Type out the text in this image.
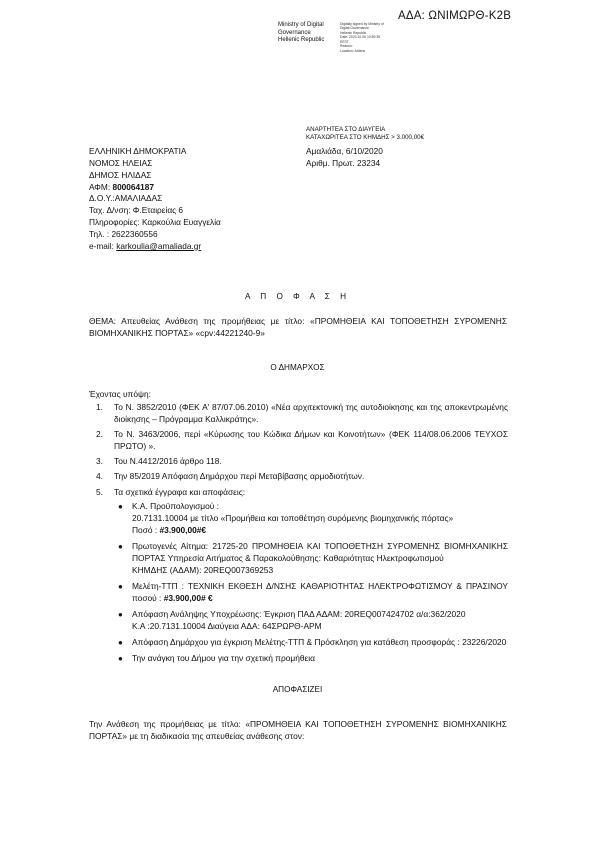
ΑΔΑ: ΩΝΙΜΩΡΘ-Κ2Β
Ministry of Digital
Governance
Hellenic Republic
Digitally signed by Ministry of
Digital Governance,
Hellenic Republic
Date: 2020.10.06 10:59:39
EEST
Reason:
Location: Athens
ΑΝΑΡΤΗΤΕΑ ΣΤΟ ΔΙΑΥΓΕΙΑ
ΚΑΤΑΧΩΡΙΤΕΑ ΣΤΟ ΚΗΜΔΗΣ > 3.000,00€
ΕΛΛΗΝΙΚΗ ΔΗΜΟΚΡΑΤΙΑ
ΝΟΜΟΣ ΗΛΕΙΑΣ
ΔΗΜΟΣ ΗΛΙΔΑΣ
ΑΦΜ: 800064187
Δ.Ο.Υ.:ΑΜΑΛΙΑΔΑΣ
Ταχ. Δ/νση: Φ.Εταιρείας 6
Πληροφορίες: Καρκούλια Ευαγγελία
Τηλ. : 2622360556
e-mail: karkoulia@amaliada.gr
Αμαλιάδα, 6/10/2020
Αριθμ. Πρωτ. 23234
Α Π Ο Φ Α Σ Η
ΘΕΜΑ: Απευθείας Ανάθεση της προμήθειας με τίτλο: «ΠΡΟΜΗΘΕΙΑ ΚΑΙ ΤΟΠΟΘΕΤΗΣΗ ΣΥΡΟΜΕΝΗΣ ΒΙΟΜΗΧΑΝΙΚΗΣ ΠΟΡΤΑΣ» «cpv:44221240-9»
Ο ΔΗΜΑΡΧΟΣ
Έχοντας υπόψη:
1. Το Ν. 3852/2010 (ΦΕΚ Α' 87/07.06.2010) «Νέα αρχιτεκτονική της αυτοδιοίκησης και της αποκεντρωμένης διοίκησης – Πρόγραμμα Καλλικράτης».
2. Το Ν. 3463/2006, περί «Κύρωσης του Κώδικα Δήμων και Κοινοτήτων» (ΦΕΚ 114/08.06.2006 ΤΕΥΧΟΣ ΠΡΩΤΟ) ».
3. Του Ν.4412/2016 άρθρο 118.
4. Την 85/2019 Απόφαση Δημάρχου περί Μεταβίβασης αρμοδιοτήτων.
5. Τα σχετικά έγγραφα και αποφάσεις:
● Κ.Α. Προϋπολογισμού :
20.7131.10004 με τίτλο «Προμήθεια και τοποθέτηση συρόμενης βιομηχανικής πόρτας»
Ποσό : #3.900,00#€
● Πρωτογενές Αίτημα: 21725-20 ΠΡΟΜΗΘΕΙΑ ΚΑΙ ΤΟΠΟΘΕΤΗΣΗ ΣΥΡΟΜΕΝΗΣ ΒΙΟΜΗΧΑΝΙΚΗΣ ΠΟΡΤΑΣ Υπηρεσία Αιτήματος & Παρακολούθησης: Καθαριότητας Ηλεκτροφωτισμού
ΚΗΜΔΗΣ (ΑΔΑΜ): 20REQ007369253
● Μελέτη-ΤΤΠ : ΤΕΧΝΙΚΗ ΕΚΘΕΣΗ Δ/ΝΣΗΣ ΚΑΘΑΡΙΟΤΗΤΑΣ ΗΛΕΚΤΡΟΦΩΤΙΣΜΟΥ & ΠΡΑΣΙΝΟΥ ποσού : #3.900,00# €
● Απόφαση Ανάληψης Υποχρέωσης: Έγκριση ΠΑΔ ΑΔΑΜ: 20REQ007424702 α/α:362/2020
Κ.Α :20.7131.10004 Διαύγεια ΑΔΑ: 64ΣΡΩΡΘ-ΑΡΜ
● Απόφαση Δημάρχου για έγκριση Μελέτης-ΤΤΠ & Πρόσκληση για κατάθεση προσφοράς : 23226/2020
● Την ανάγκη του Δήμου για την σχετική προμήθεια
ΑΠΟΦΑΣΙΖΕΙ
Την Ανάθεση της προμήθειας με τίτλο: «ΠΡΟΜΗΘΕΙΑ ΚΑΙ ΤΟΠΟΘΕΤΗΣΗ ΣΥΡΟΜΕΝΗΣ ΒΙΟΜΗΧΑΝΙΚΗΣ ΠΟΡΤΑΣ» με τη διαδικασία της απευθείας ανάθεσης στον:
